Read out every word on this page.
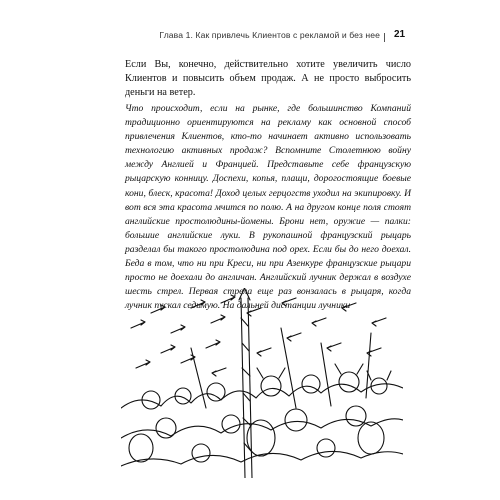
Глава 1. Как привлечь Клиентов с рекламой и без нее 21

Если Вы, конечно, действительно хотите увеличить число Клиентов и повысить объем продаж. А не просто выбросить деньги на ветер.

Что происходит, если на рынке, где большинство Компаний традиционно ориентируются на рекламу как основной способ привлечения Клиентов, кто-то начинает активно использовать технологию активных продаж? Вспомните Столетнюю войну между Англией и Францией. Представьте себе французскую рыцарскую конницу. Доспехи, копья, плащи, дорогостоящие боевые кони, блеск, красота! Доход целых герцогств уходил на экипировку. И вот вся эта красота мчится по полю. А на другом конце поля стоят английские простолюдины-йомены. Брони нет, оружие — палки: большие английские луки. В рукопашной французский рыцарь разделал бы такого простолюдина под орех. Если бы до него доехал. Беда в том, что ни при Креси, ни при Азенкуре французские рыцари просто не доехали до англичан. Английский лучник держал в воздухе шесть стрел. Первая стрела еще раз вонзалась в рыцаря, когда лучник пускал седьмую. На дальней дистанции лучники
